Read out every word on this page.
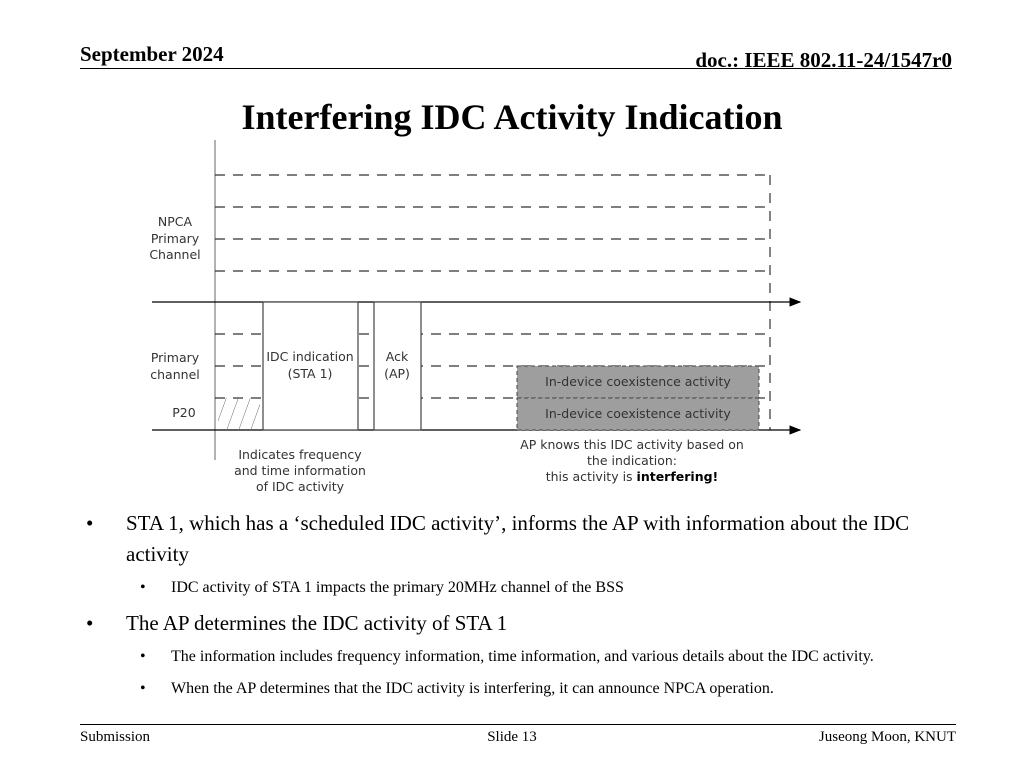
September 2024	doc.: IEEE 802.11-24/1547r0
Interfering IDC Activity Indication
IDC indication
(STA 1)
Ack
(AP)
In-device coexistence activity
In-device coexistence activity
NPCA
Primary
Channel
Primary
channel
P20
Indicates frequency
and time information
of IDC activity
AP knows this IDC activity based on
the indication:
this activity is interfering!
• STA 1, which has a ‘scheduled IDC activity’, informs the AP with information about the IDC activity
• IDC activity of STA 1 impacts the primary 20MHz channel of the BSS
• The AP determines the IDC activity of STA 1
• The information includes frequency information, time information, and various details about the IDC activity.
• When the AP determines that the IDC activity is interfering, it can announce NPCA operation.
Submission	Slide 13	Juseong Moon, KNUT
